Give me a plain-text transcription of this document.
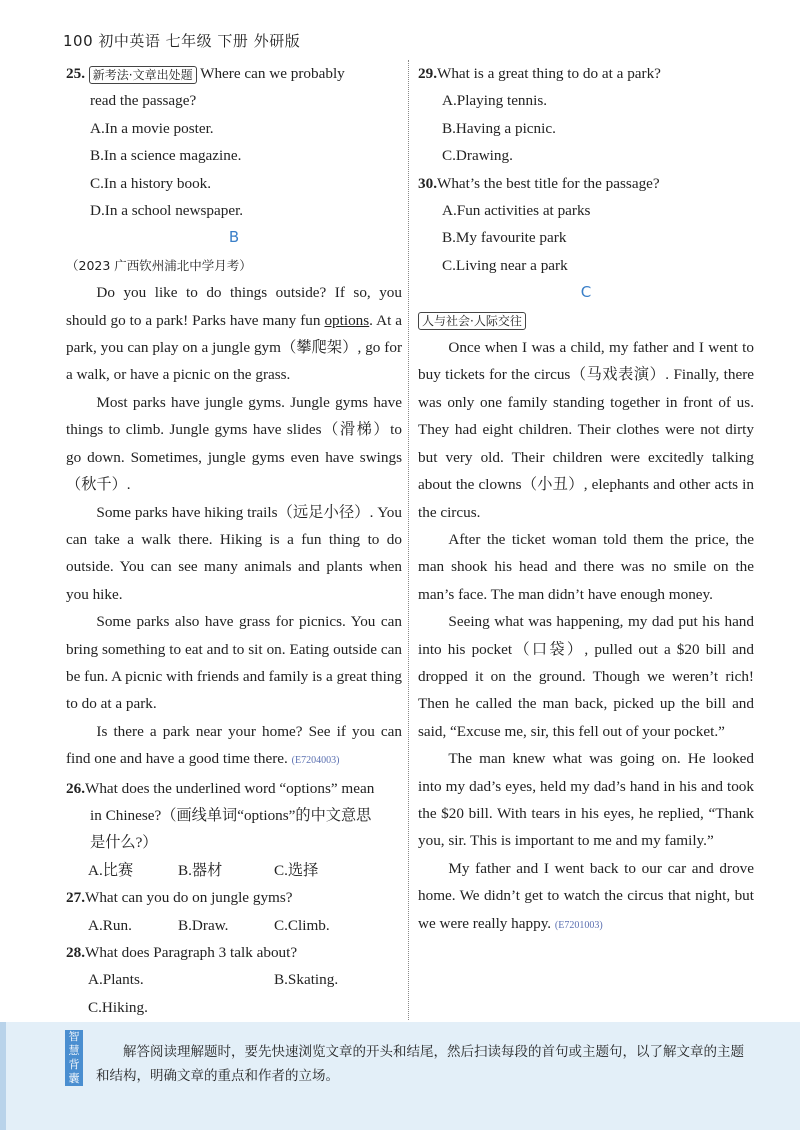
100 初中英语 七年级 下册 外研版

25. 新考法·文章出处题 Where can we probably

read the passage?

A.In a movie poster.

B.In a science magazine.

C.In a history book.

D.In a school newspaper.

B

（2023 广西钦州浦北中学月考）

Do you like to do things outside? If so, you should go to a park! Parks have many fun options. At a park, you can play on a jungle gym（攀爬架）, go for a walk, or have a picnic on the grass.

Most parks have jungle gyms. Jungle gyms have things to climb. Jungle gyms have slides（滑梯）to go down. Sometimes, jungle gyms even have swings（秋千）.

Some parks have hiking trails（远足小径）. You can take a walk there. Hiking is a fun thing to do outside. You can see many animals and plants when you hike.

Some parks also have grass for picnics. You can bring something to eat and to sit on. Eating outside can be fun. A picnic with friends and family is a great thing to do at a park.

Is there a park near your home? See if you can find one and have a good time there. (E7204003)

26.What does the underlined word “options” mean

in Chinese?（画线单词“options”的中文意思

是什么?）

A.比赛	B.器材	C.选择

27.What can you do on jungle gyms?

A.Run.	B.Draw.	C.Climb.

28.What does Paragraph 3 talk about?

A.Plants.	B.Skating.

C.Hiking.

29.What is a great thing to do at a park?

A.Playing tennis.

B.Having a picnic.

C.Drawing.

30.What’s the best title for the passage?

A.Fun activities at parks

B.My favourite park

C.Living near a park

C

人与社会·人际交往

Once when I was a child, my father and I went to buy tickets for the circus（马戏表演）. Finally, there was only one family standing together in front of us. They had eight children. Their clothes were not dirty but very old. Their children were excitedly talking about the clowns（小丑）, elephants and other acts in the circus.

After the ticket woman told them the price, the man shook his head and there was no smile on the man’s face. The man didn’t have enough money.

Seeing what was happening, my dad put his hand into his pocket（口袋）, pulled out a $20 bill and dropped it on the ground. Though we weren’t rich! Then he called the man back, picked up the bill and said, “Excuse me, sir, this fell out of your pocket.”

The man knew what was going on. He looked into my dad’s eyes, held my dad’s hand in his and took the $20 bill. With tears in his eyes, he replied, “Thank you, sir. This is important to me and my family.”

My father and I went back to our car and drove home. We didn’t get to watch the circus that night, but we were really happy. (E7201003)

智慧背囊
解答阅读理解题时，要先快速浏览文章的开头和结尾，然后扫读每段的首句或主题句，以了解文章的主题和结构，明确文章的重点和作者的立场。
